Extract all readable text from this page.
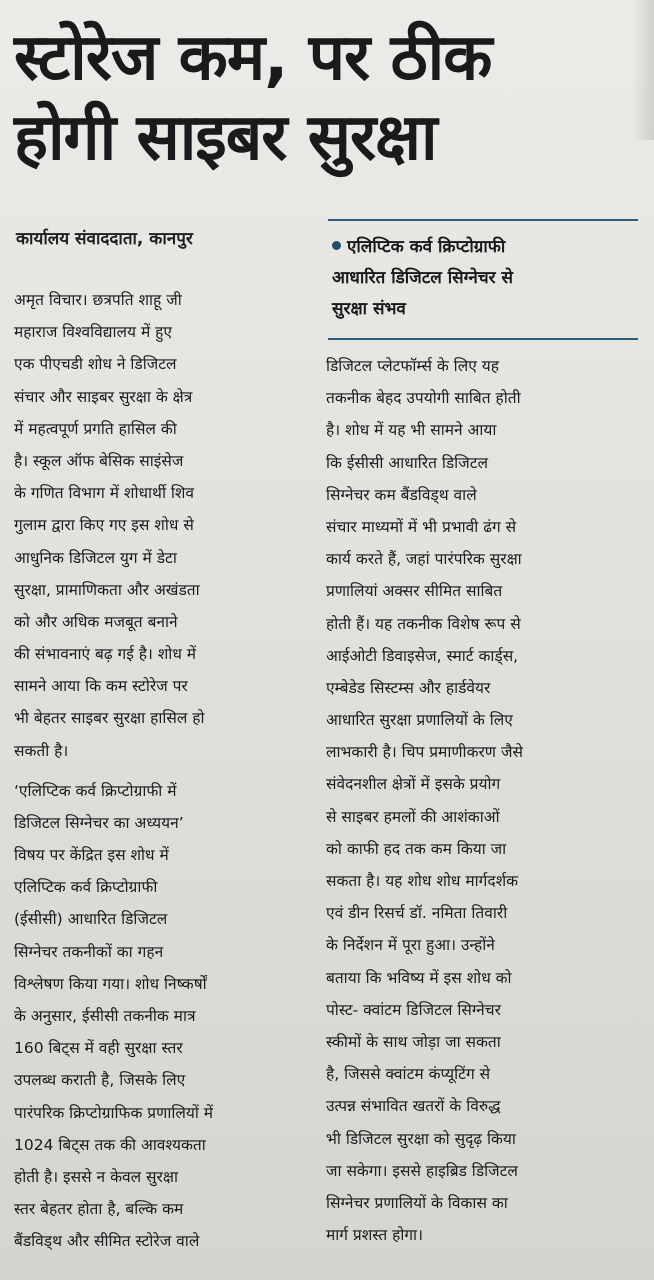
स्टोरेज कम, पर ठीक
होगी साइबर सुरक्षा
कार्यालय संवाददाता, कानपुर	एलिप्टिक कर्व क्रिप्टोग्राफी
आधारित डिजिटल सिग्नेचर से
सुरक्षा संभव
अमृत विचार। छत्रपति शाहू जी
महाराज विश्वविद्यालय में हुए
एक पीएचडी शोध ने डिजिटल
संचार और साइबर सुरक्षा के क्षेत्र
में महत्वपूर्ण प्रगति हासिल की
है। स्कूल ऑफ बेसिक साइंसेज
के गणित विभाग में शोधार्थी शिव
गुलाम द्वारा किए गए इस शोध से
आधुनिक डिजिटल युग में डेटा
सुरक्षा, प्रामाणिकता और अखंडता
को और अधिक मजबूत बनाने
की संभावनाएं बढ़ गई है। शोध में
सामने आया कि कम स्टोरेज पर
भी बेहतर साइबर सुरक्षा हासिल हो
सकती है।
‘एलिप्टिक कर्व क्रिप्टोग्राफी में
डिजिटल सिग्नेचर का अध्ययन’
विषय पर केंद्रित इस शोध में
एलिप्टिक कर्व क्रिप्टोग्राफी
(ईसीसी) आधारित डिजिटल
सिग्नेचर तकनीकों का गहन
विश्लेषण किया गया। शोध निष्कर्षों
के अनुसार, ईसीसी तकनीक मात्र
160 बिट्स में वही सुरक्षा स्तर
उपलब्ध कराती है, जिसके लिए
पारंपरिक क्रिप्टोग्राफिक प्रणालियों में
1024 बिट्स तक की आवश्यकता
होती है। इससे न केवल सुरक्षा
स्तर बेहतर होता है, बल्कि कम
बैंडविड्थ और सीमित स्टोरेज वाले
डिजिटल प्लेटफॉर्म्स के लिए यह
तकनीक बेहद उपयोगी साबित होती
है। शोध में यह भी सामने आया
कि ईसीसी आधारित डिजिटल
सिग्नेचर कम बैंडविड्थ वाले
संचार माध्यमों में भी प्रभावी ढंग से
कार्य करते हैं, जहां पारंपरिक सुरक्षा
प्रणालियां अक्सर सीमित साबित
होती हैं। यह तकनीक विशेष रूप से
आईओटी डिवाइसेज, स्मार्ट कार्ड्स,
एम्बेडेड सिस्टम्स और हार्डवेयर
आधारित सुरक्षा प्रणालियों के लिए
लाभकारी है। चिप प्रमाणीकरण जैसे
संवेदनशील क्षेत्रों में इसके प्रयोग
से साइबर हमलों की आशंकाओं
को काफी हद तक कम किया जा
सकता है। यह शोध शोध मार्गदर्शक
एवं डीन रिसर्च डॉ. नमिता तिवारी
के निर्देशन में पूरा हुआ। उन्होंने
बताया कि भविष्य में इस शोध को
पोस्ट- क्वांटम डिजिटल सिग्नेचर
स्कीमों के साथ जोड़ा जा सकता
है, जिससे क्वांटम कंप्यूटिंग से
उत्पन्न संभावित खतरों के विरुद्ध
भी डिजिटल सुरक्षा को सुदृढ़ किया
जा सकेगा। इससे हाइब्रिड डिजिटल
सिग्नेचर प्रणालियों के विकास का
मार्ग प्रशस्त होगा।
